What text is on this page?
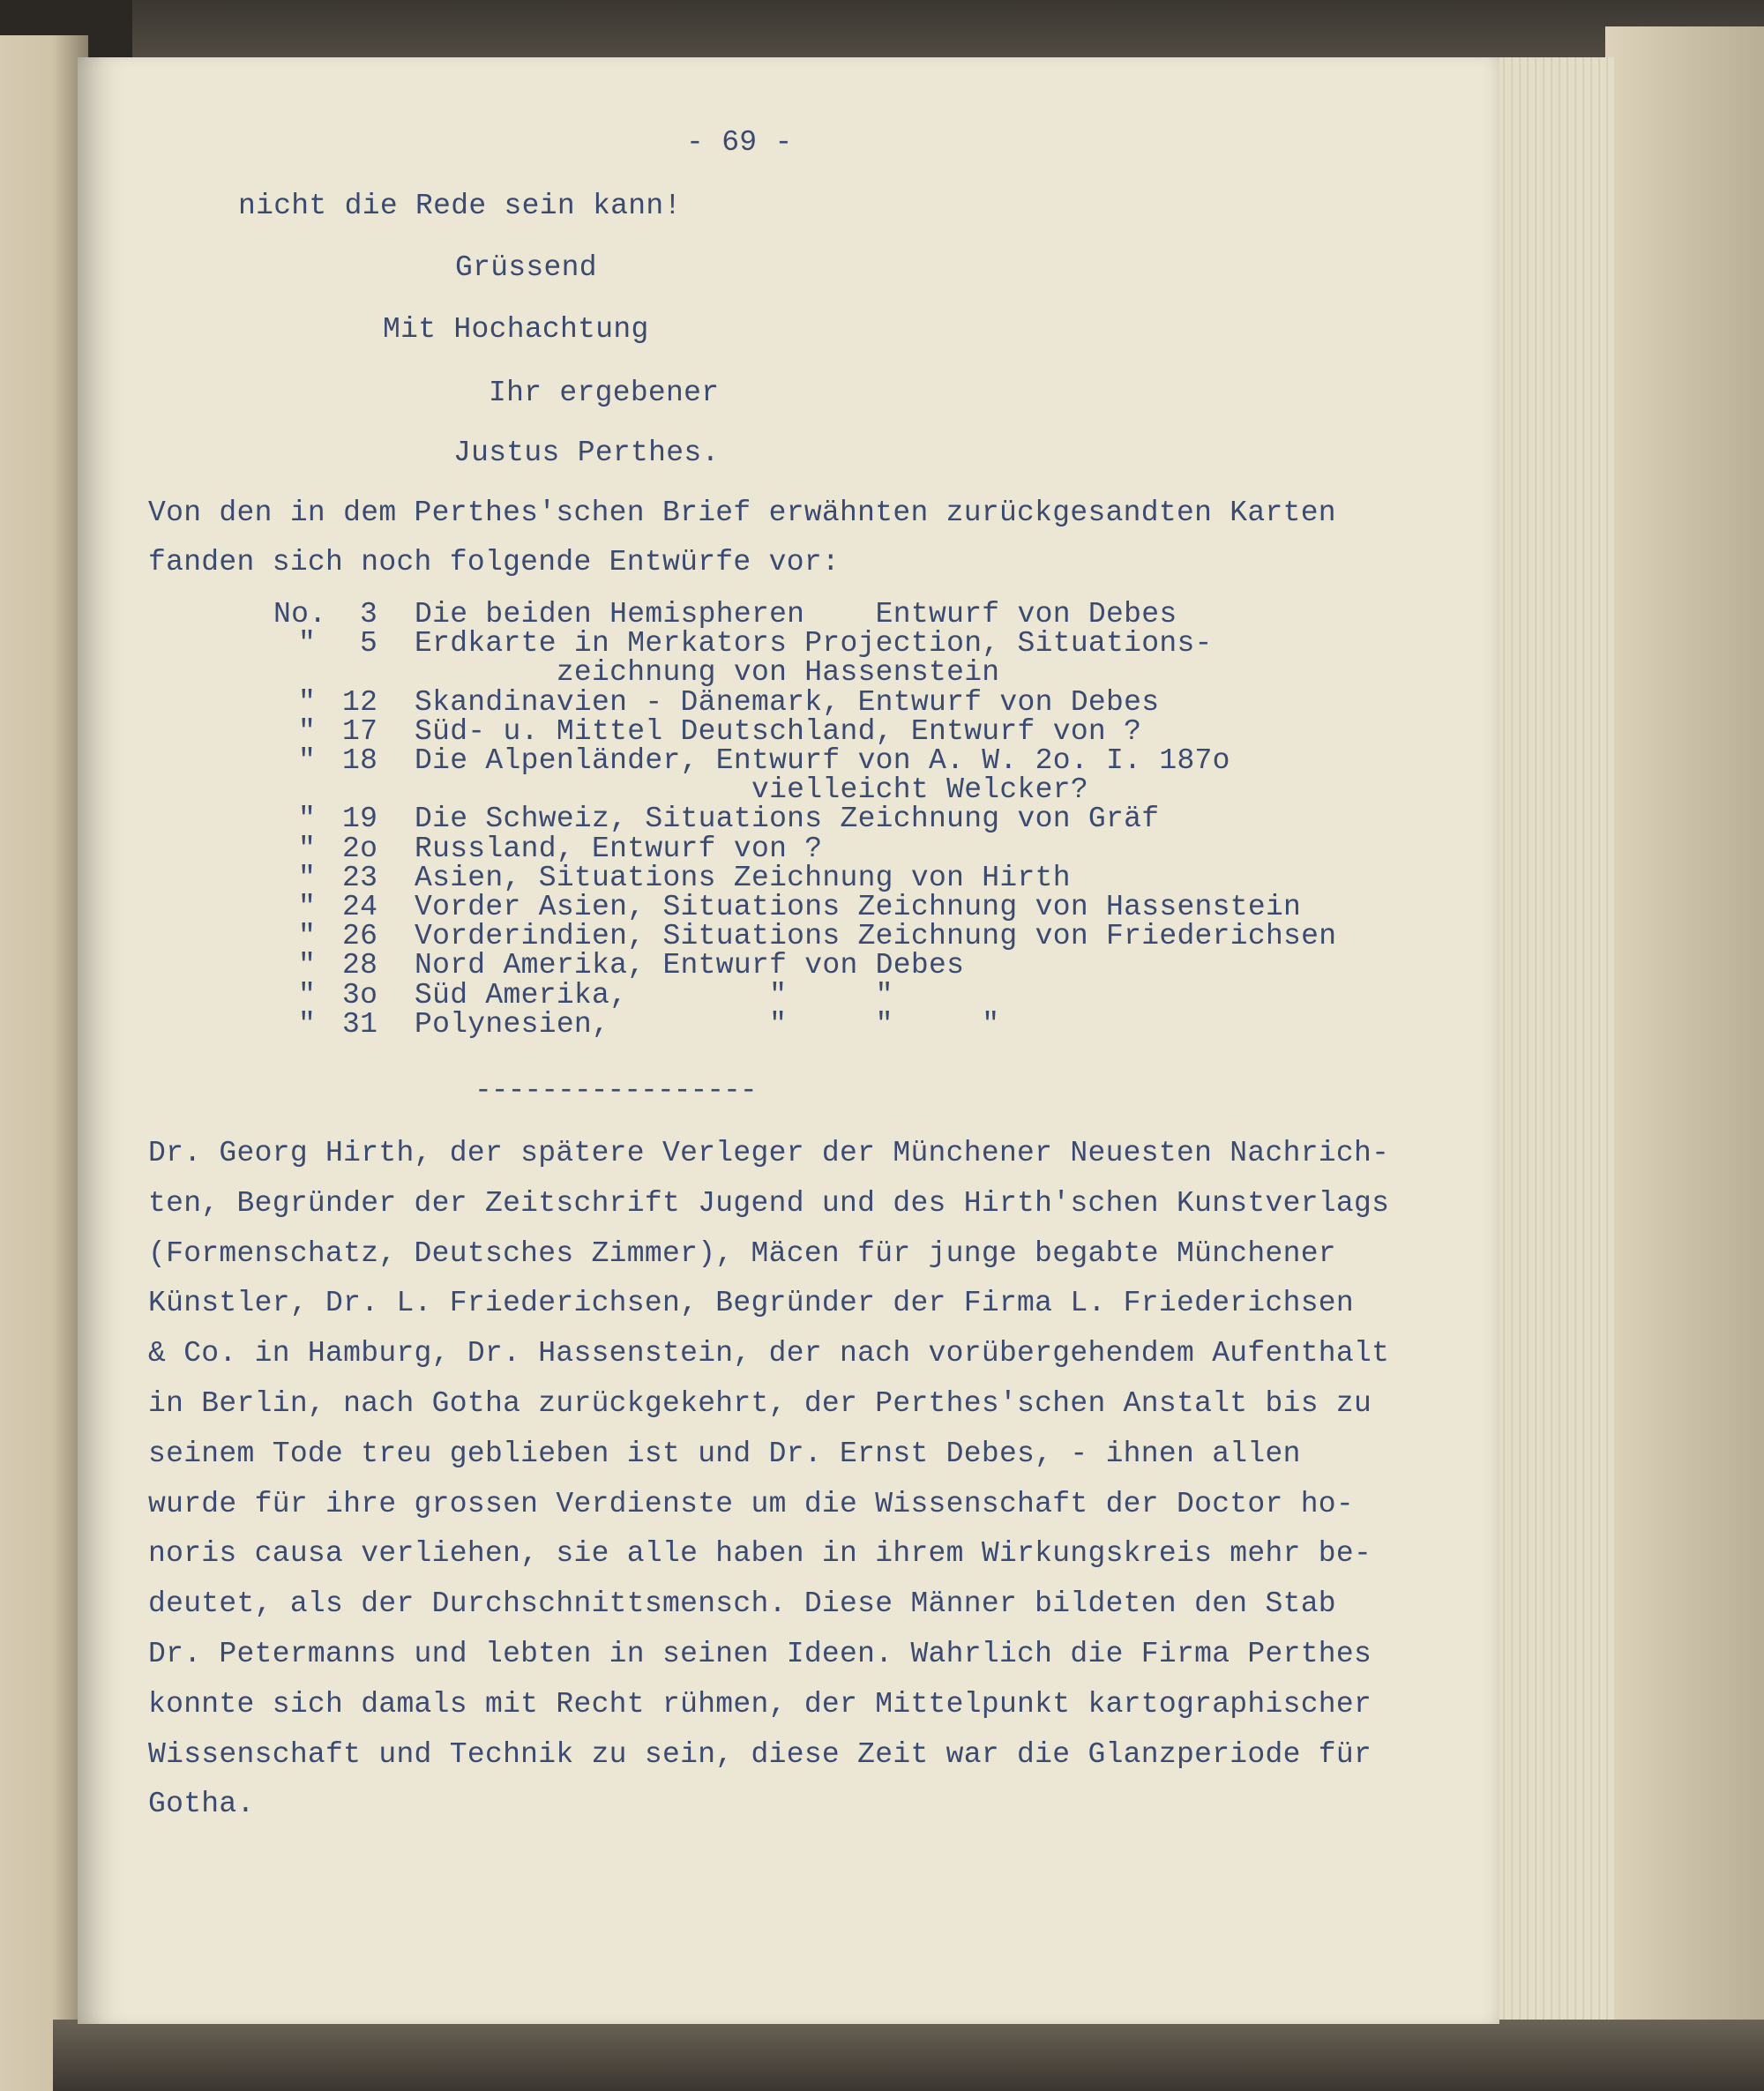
- 69 -
nicht die Rede sein kann!
Grüssend
Mit Hochachtung
Ihr ergebener
Justus Perthes.
Von den in dem Perthes'schen Brief erwähnten zurückgesandten Karten
fanden sich noch folgende Entwürfe vor:
No. 3 Die beiden Hemispheren    Entwurf von Debes
" 5 Erdkarte in Merkators Projection, Situations-
zeichnung von Hassenstein
" 12 Skandinavien - Dänemark, Entwurf von Debes
" 17 Süd- u. Mittel Deutschland, Entwurf von ?
" 18 Die Alpenländer, Entwurf von A. W. 2o. I. 187o
vielleicht Welcker?
" 19 Die Schweiz, Situations Zeichnung von Gräf
" 2o Russland, Entwurf von ?
" 23 Asien, Situations Zeichnung von Hirth
" 24 Vorder Asien, Situations Zeichnung von Hassenstein
" 26 Vorderindien, Situations Zeichnung von Friederichsen
" 28 Nord Amerika, Entwurf von Debes
" 3o Süd Amerika,        "     "
" 31 Polynesien,         "     "     "
-----------------
Dr. Georg Hirth, der spätere Verleger der Münchener Neuesten Nachrich-
ten, Begründer der Zeitschrift Jugend und des Hirth'schen Kunstverlags
(Formenschatz, Deutsches Zimmer), Mäcen für junge begabte Münchener
Künstler, Dr. L. Friederichsen, Begründer der Firma L. Friederichsen
& Co. in Hamburg, Dr. Hassenstein, der nach vorübergehendem Aufenthalt
in Berlin, nach Gotha zurückgekehrt, der Perthes'schen Anstalt bis zu
seinem Tode treu geblieben ist und Dr. Ernst Debes, - ihnen allen
wurde für ihre grossen Verdienste um die Wissenschaft der Doctor ho-
noris causa verliehen, sie alle haben in ihrem Wirkungskreis mehr be-
deutet, als der Durchschnittsmensch. Diese Männer bildeten den Stab
Dr. Petermanns und lebten in seinen Ideen. Wahrlich die Firma Perthes
konnte sich damals mit Recht rühmen, der Mittelpunkt kartographischer
Wissenschaft und Technik zu sein, diese Zeit war die Glanzperiode für
Gotha.
